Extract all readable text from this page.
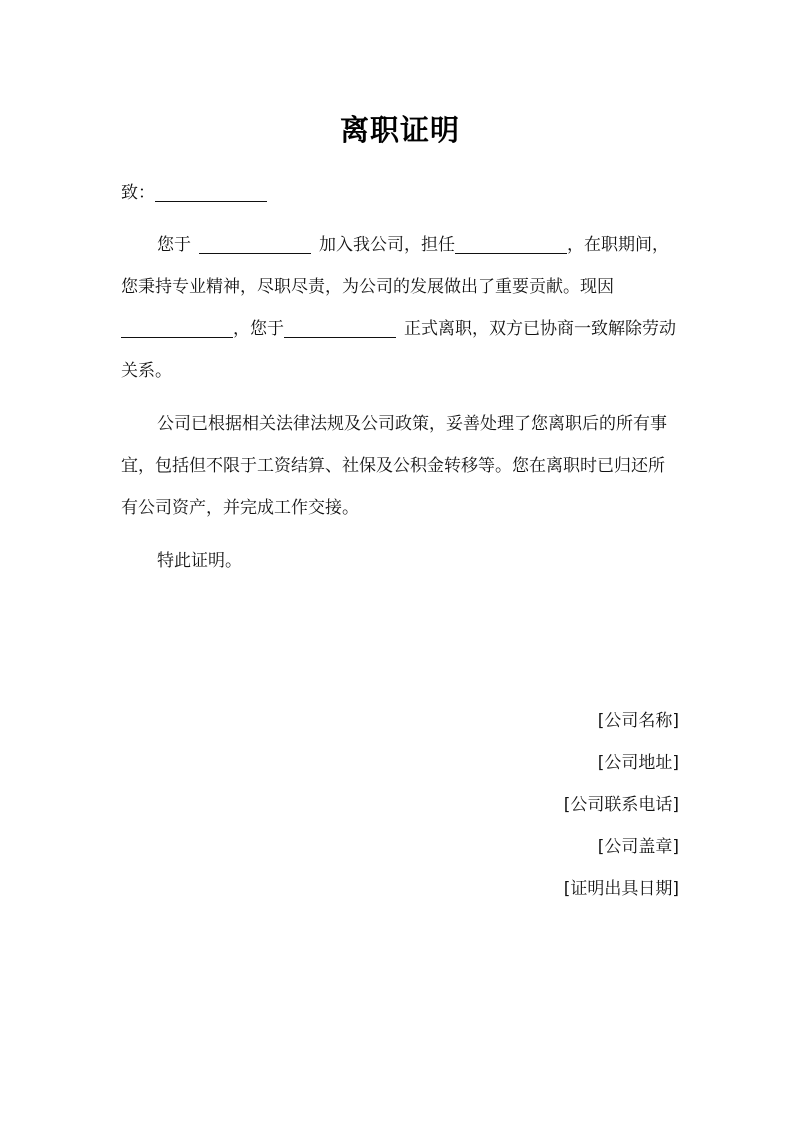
离职证明
致：
您于	加入我公司，担任	，在职期间，您秉持专业精神，尽职尽责，为公司的发展做出了重要贡献。现因，您于	正式离职，双方已协商一致解除劳动关系。
公司已根据相关法律法规及公司政策，妥善处理了您离职后的所有事宜，包括但不限于工资结算、社保及公积金转移等。您在离职时已归还所有公司资产，并完成工作交接。
特此证明。
[公司名称]
[公司地址]
[公司联系电话]
[公司盖章]
[证明出具日期]
